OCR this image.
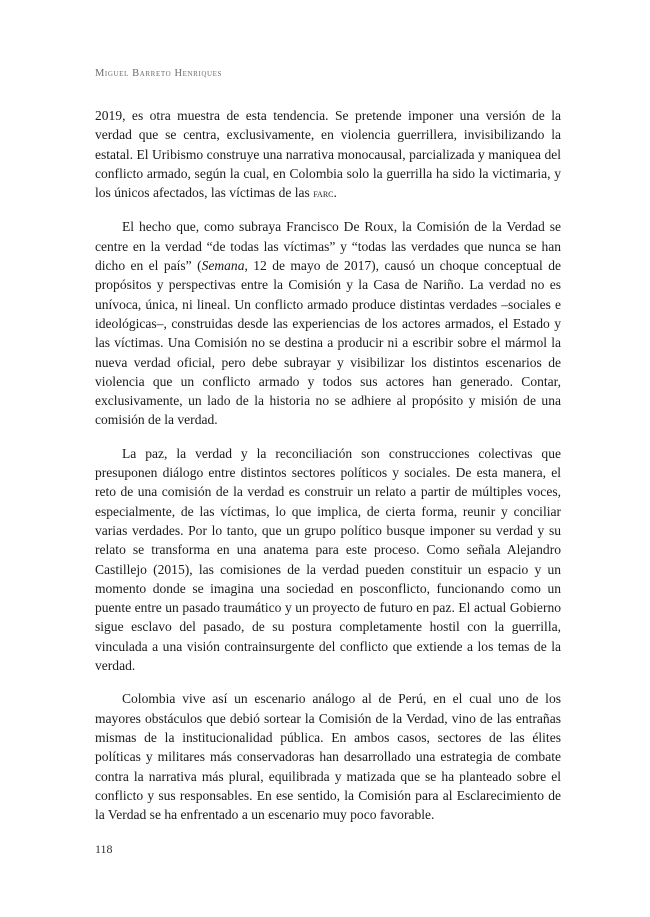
Miguel Barreto Henriques

2019, es otra muestra de esta tendencia. Se pretende imponer una versión de la verdad que se centra, exclusivamente, en violencia guerrillera, invisibilizando la estatal. El Uribismo construye una narrativa monocausal, parcializada y maniquea del conflicto armado, según la cual, en Colombia solo la guerrilla ha sido la victimaria, y los únicos afectados, las víctimas de las farc.

El hecho que, como subraya Francisco De Roux, la Comisión de la Verdad se centre en la verdad “de todas las víctimas” y “todas las verdades que nunca se han dicho en el país” (Semana, 12 de mayo de 2017), causó un choque conceptual de propósitos y perspectivas entre la Comisión y la Casa de Nariño. La verdad no es unívoca, única, ni lineal. Un conflicto armado produce distintas verdades –sociales e ideológicas–, construidas desde las experiencias de los actores armados, el Estado y las víctimas. Una Comisión no se destina a producir ni a escribir sobre el mármol la nueva verdad oficial, pero debe subrayar y visibilizar los distintos escenarios de violencia que un conflicto armado y todos sus actores han generado. Contar, exclusivamente, un lado de la historia no se adhiere al propósito y misión de una comisión de la verdad.

La paz, la verdad y la reconciliación son construcciones colectivas que presuponen diálogo entre distintos sectores políticos y sociales. De esta manera, el reto de una comisión de la verdad es construir un relato a partir de múltiples voces, especialmente, de las víctimas, lo que implica, de cierta forma, reunir y conciliar varias verdades. Por lo tanto, que un grupo político busque imponer su verdad y su relato se transforma en una anatema para este proceso. Como señala Alejandro Castillejo (2015), las comisiones de la verdad pueden constituir un espacio y un momento donde se imagina una sociedad en posconflicto, funcionando como un puente entre un pasado traumático y un proyecto de futuro en paz. El actual Gobierno sigue esclavo del pasado, de su postura completamente hostil con la guerrilla, vinculada a una visión contrainsurgente del conflicto que extiende a los temas de la verdad.

Colombia vive así un escenario análogo al de Perú, en el cual uno de los mayores obstáculos que debió sortear la Comisión de la Verdad, vino de las entrañas mismas de la institucionalidad pública. En ambos casos, sectores de las élites políticas y militares más conservadoras han desarrollado una estrategia de combate contra la narrativa más plural, equilibrada y matizada que se ha planteado sobre el conflicto y sus responsables. En ese sentido, la Comisión para al Esclarecimiento de la Verdad se ha enfrentado a un escenario muy poco favorable.

118
